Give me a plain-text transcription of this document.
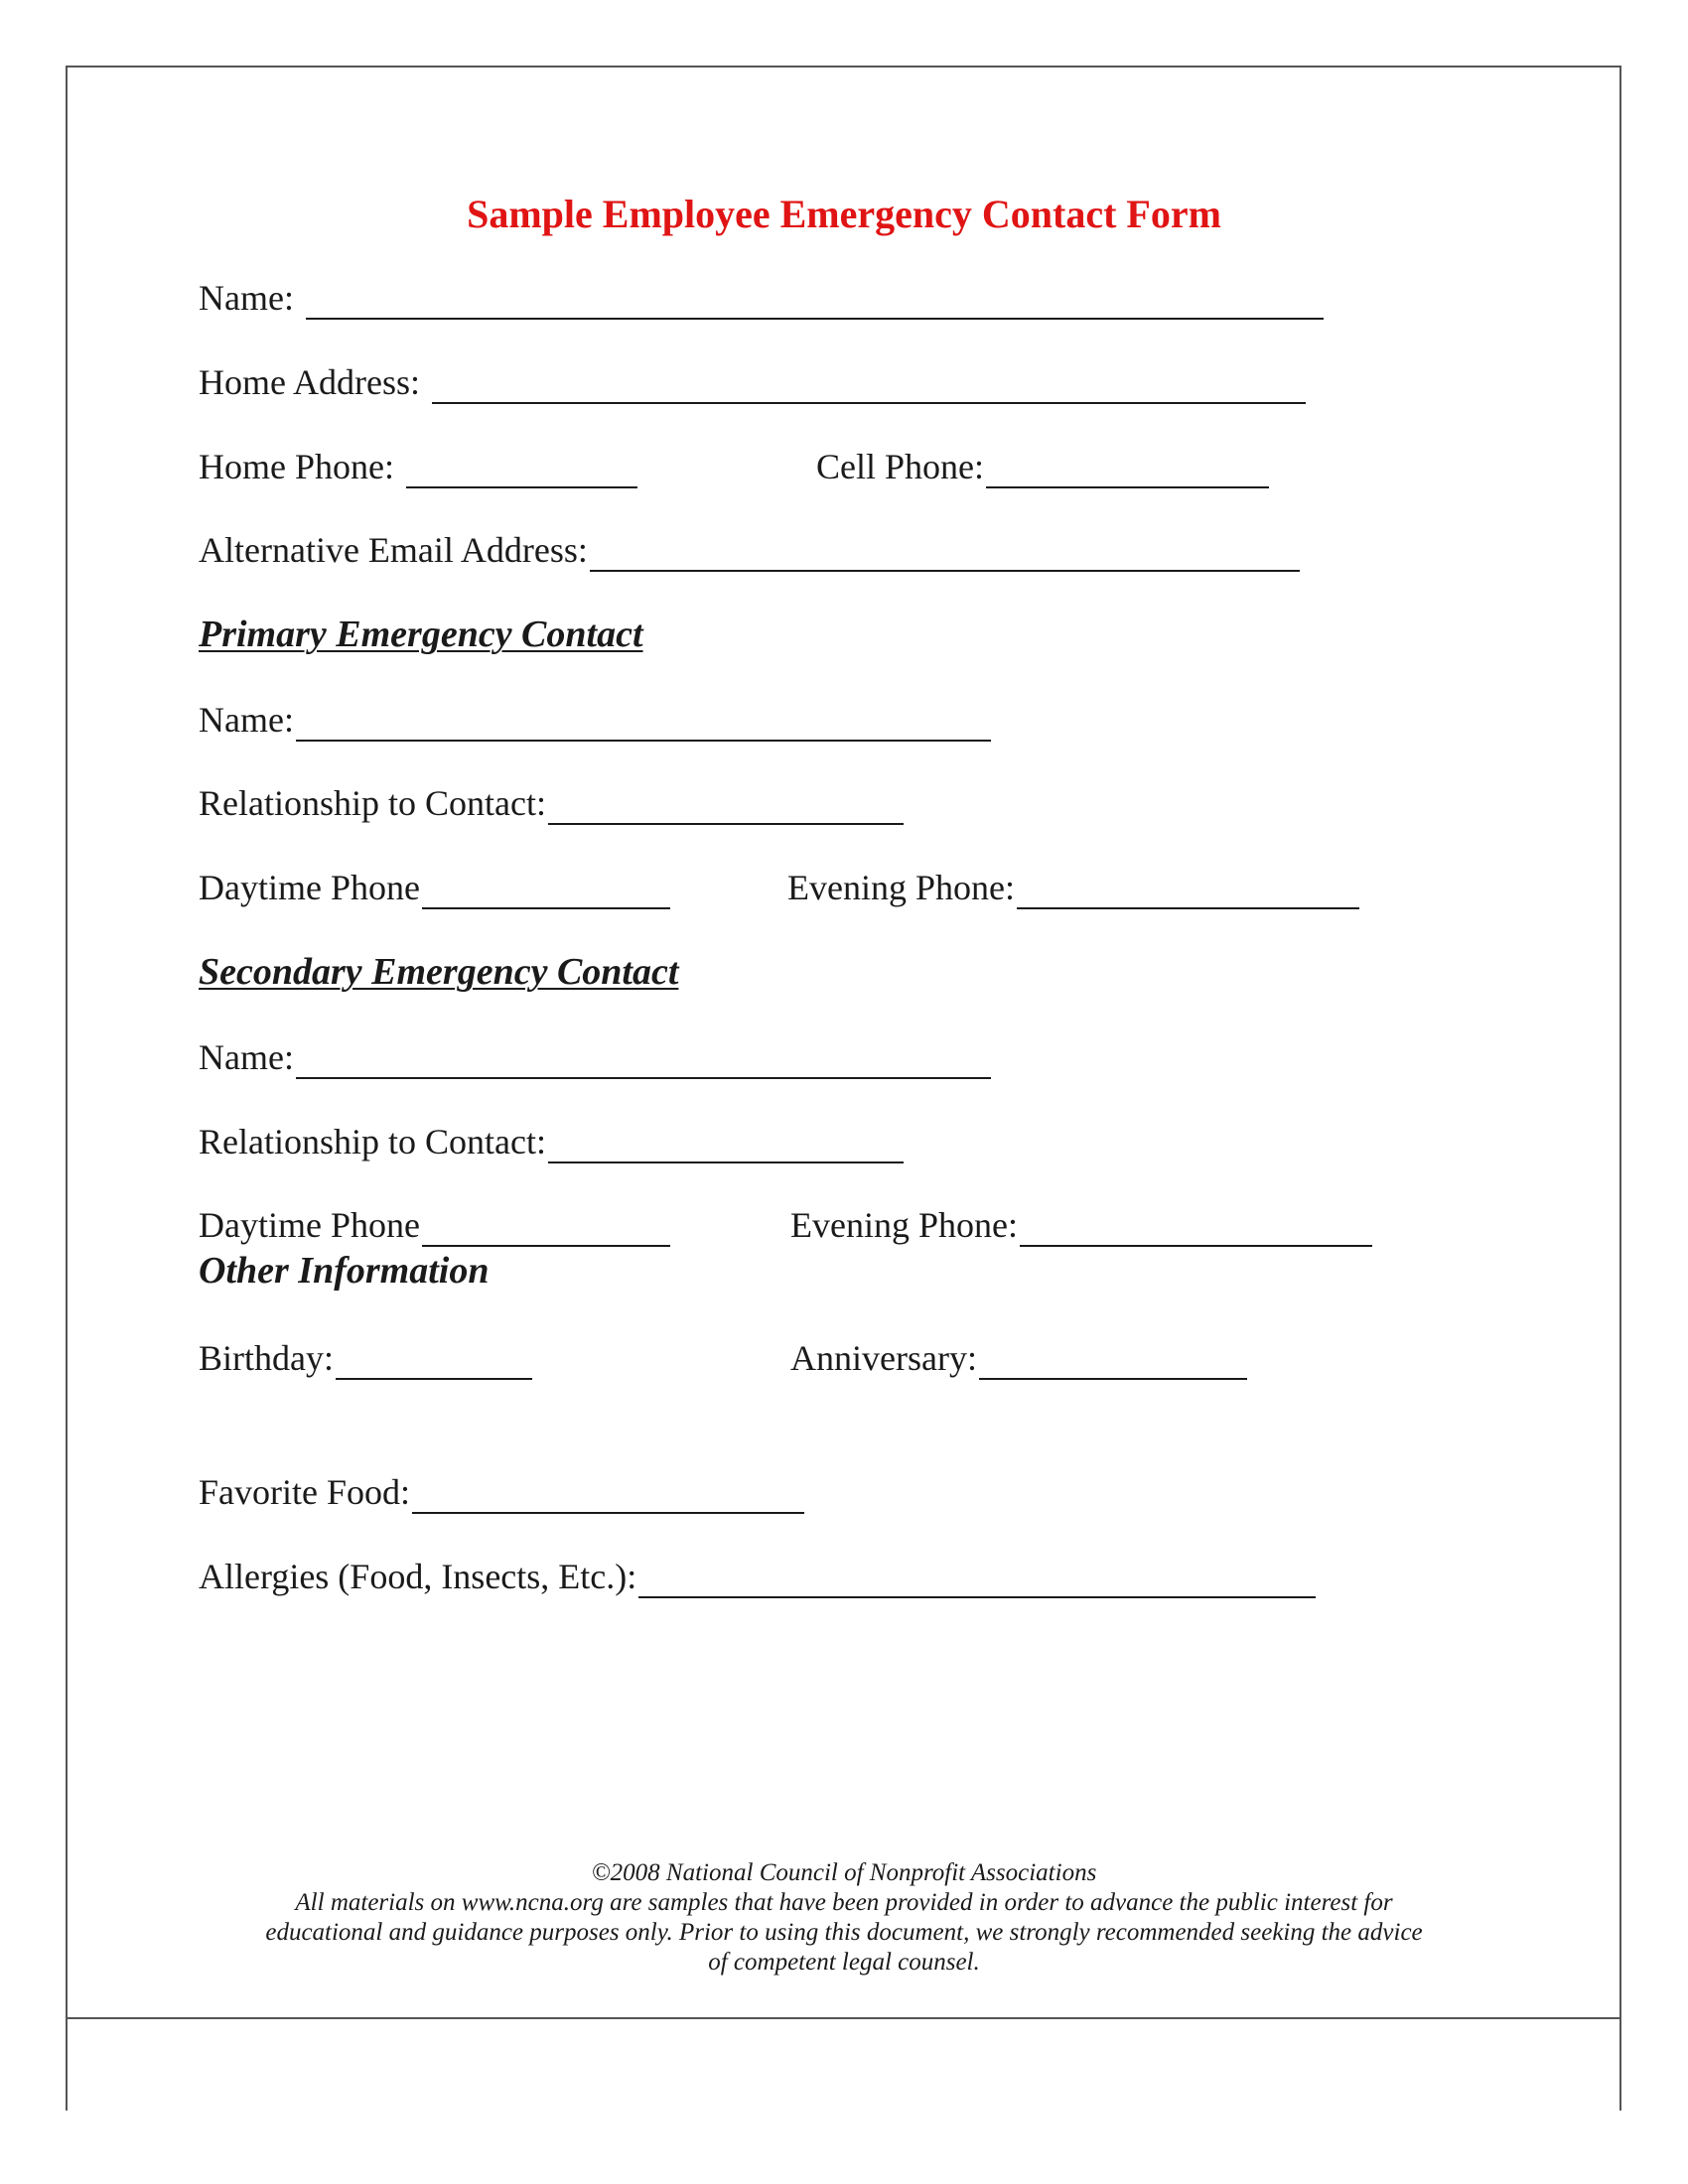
Sample Employee Emergency Contact Form
Name:
Home Address:
Home Phone:	Cell Phone:
Alternative Email Address:
Primary Emergency Contact
Name:
Relationship to Contact:
Daytime Phone	Evening Phone:
Secondary Emergency Contact
Name:
Relationship to Contact:
Daytime Phone	Evening Phone:
Other Information
Birthday:	Anniversary:
Favorite Food:
Allergies (Food, Insects, Etc.):
©2008 National Council of Nonprofit Associations
All materials on www.ncna.org are samples that have been provided in order to advance the public interest for
educational and guidance purposes only. Prior to using this document, we strongly recommended seeking the advice
of competent legal counsel.
